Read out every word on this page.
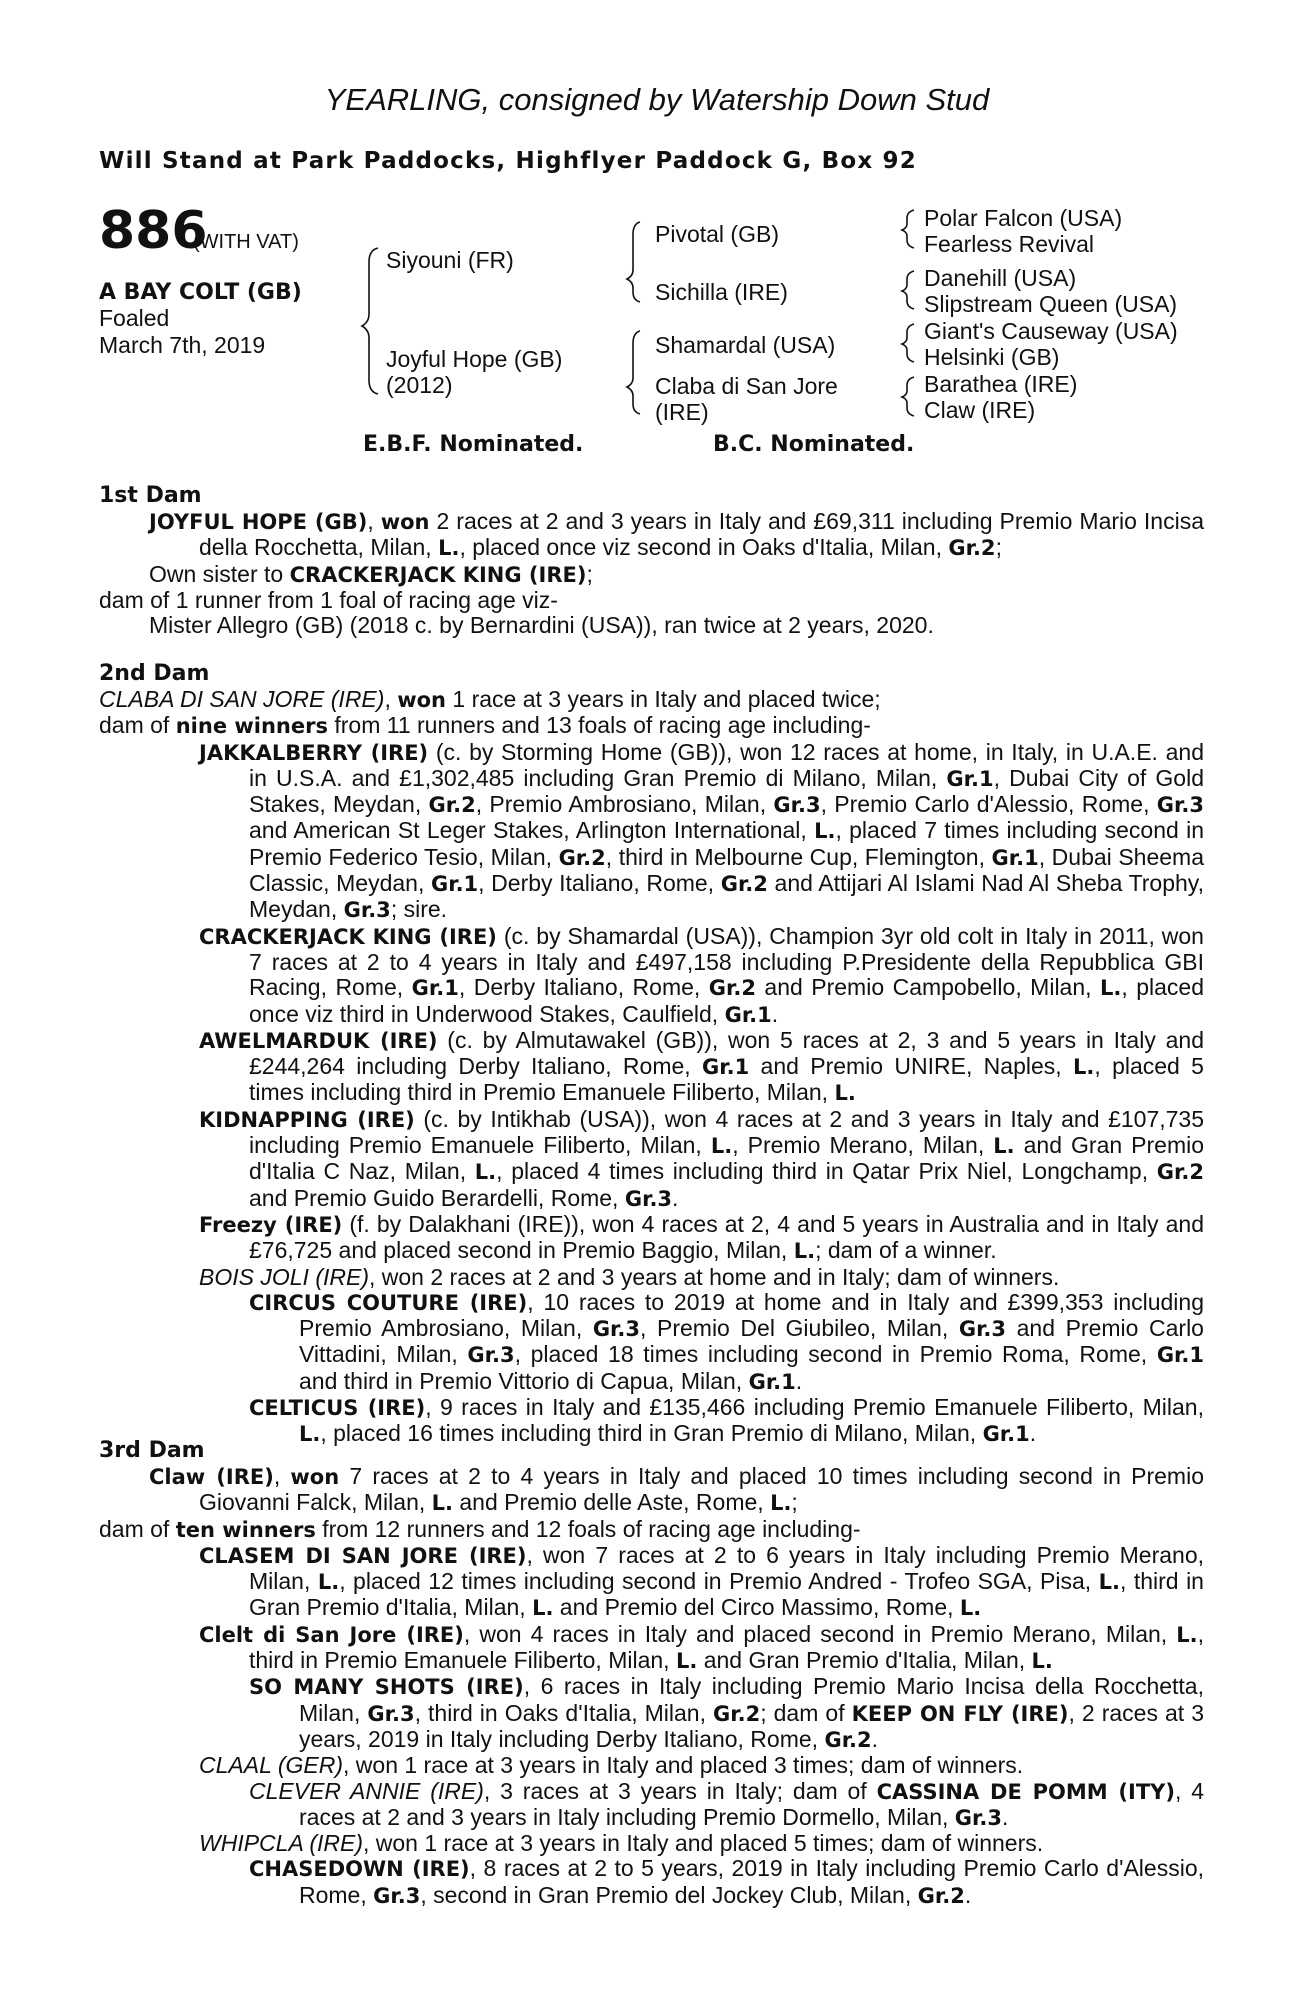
YEARLING, consigned by Watership Down Stud
Will Stand at Park Paddocks, Highflyer Paddock G, Box 92
886
(WITH VAT)
A BAY COLT (GB)
Foaled
March 7th, 2019
Siyouni (FR)
Joyful Hope (GB)
(2012)
Pivotal (GB)
Sichilla (IRE)
Shamardal (USA)
Claba di San Jore
(IRE)
Polar Falcon (USA)
Fearless Revival
Danehill (USA)
Slipstream Queen (USA)
Giant's Causeway (USA)
Helsinki (GB)
Barathea (IRE)
Claw (IRE)
E.B.F. Nominated.	B.C. Nominated.
1st Dam

JOYFUL HOPE (GB), won 2 races at 2 and 3 years in Italy and £69,311 including Premio Mario Incisa della Rocchetta, Milan, L., placed once viz second in Oaks d'Italia, Milan, Gr.2;

Own sister to CRACKERJACK KING (IRE);

dam of 1 runner from 1 foal of racing age viz-

Mister Allegro (GB) (2018 c. by Bernardini (USA)), ran twice at 2 years, 2020.

2nd Dam

CLABA DI SAN JORE (IRE), won 1 race at 3 years in Italy and placed twice;

dam of nine winners from 11 runners and 13 foals of racing age including-

JAKKALBERRY (IRE) (c. by Storming Home (GB)), won 12 races at home, in Italy, in U.A.E. and in U.S.A. and £1,302,485 including Gran Premio di Milano, Milan, Gr.1, Dubai City of Gold Stakes, Meydan, Gr.2, Premio Ambrosiano, Milan, Gr.3, Premio Carlo d'Alessio, Rome, Gr.3 and American St Leger Stakes, Arlington International, L., placed 7 times including second in Premio Federico Tesio, Milan, Gr.2, third in Melbourne Cup, Flemington, Gr.1, Dubai Sheema Classic, Meydan, Gr.1, Derby Italiano, Rome, Gr.2 and Attijari Al Islami Nad Al Sheba Trophy, Meydan, Gr.3; sire.

CRACKERJACK KING (IRE) (c. by Shamardal (USA)), Champion 3yr old colt in Italy in 2011, won 7 races at 2 to 4 years in Italy and £497,158 including P.Presidente della Repubblica GBI Racing, Rome, Gr.1, Derby Italiano, Rome, Gr.2 and Premio Campobello, Milan, L., placed once viz third in Underwood Stakes, Caulfield, Gr.1.

AWELMARDUK (IRE) (c. by Almutawakel (GB)), won 5 races at 2, 3 and 5 years in Italy and £244,264 including Derby Italiano, Rome, Gr.1 and Premio UNIRE, Naples, L., placed 5 times including third in Premio Emanuele Filiberto, Milan, L.

KIDNAPPING (IRE) (c. by Intikhab (USA)), won 4 races at 2 and 3 years in Italy and £107,735 including Premio Emanuele Filiberto, Milan, L., Premio Merano, Milan, L. and Gran Premio d'Italia C Naz, Milan, L., placed 4 times including third in Qatar Prix Niel, Longchamp, Gr.2 and Premio Guido Berardelli, Rome, Gr.3.

Freezy (IRE) (f. by Dalakhani (IRE)), won 4 races at 2, 4 and 5 years in Australia and in Italy and £76,725 and placed second in Premio Baggio, Milan, L.; dam of a winner.

BOIS JOLI (IRE), won 2 races at 2 and 3 years at home and in Italy; dam of winners.

CIRCUS COUTURE (IRE), 10 races to 2019 at home and in Italy and £399,353 including Premio Ambrosiano, Milan, Gr.3, Premio Del Giubileo, Milan, Gr.3 and Premio Carlo Vittadini, Milan, Gr.3, placed 18 times including second in Premio Roma, Rome, Gr.1 and third in Premio Vittorio di Capua, Milan, Gr.1.

CELTICUS (IRE), 9 races in Italy and £135,466 including Premio Emanuele Filiberto, Milan, L., placed 16 times including third in Gran Premio di Milano, Milan, Gr.1.

3rd Dam

Claw (IRE), won 7 races at 2 to 4 years in Italy and placed 10 times including second in Premio Giovanni Falck, Milan, L. and Premio delle Aste, Rome, L.;

dam of ten winners from 12 runners and 12 foals of racing age including-

CLASEM DI SAN JORE (IRE), won 7 races at 2 to 6 years in Italy including Premio Merano, Milan, L., placed 12 times including second in Premio Andred - Trofeo SGA, Pisa, L., third in Gran Premio d'Italia, Milan, L. and Premio del Circo Massimo, Rome, L.

Clelt di San Jore (IRE), won 4 races in Italy and placed second in Premio Merano, Milan, L., third in Premio Emanuele Filiberto, Milan, L. and Gran Premio d'Italia, Milan, L.

SO MANY SHOTS (IRE), 6 races in Italy including Premio Mario Incisa della Rocchetta, Milan, Gr.3, third in Oaks d'Italia, Milan, Gr.2; dam of KEEP ON FLY (IRE), 2 races at 3 years, 2019 in Italy including Derby Italiano, Rome, Gr.2.

CLAAL (GER), won 1 race at 3 years in Italy and placed 3 times; dam of winners.

CLEVER ANNIE (IRE), 3 races at 3 years in Italy; dam of CASSINA DE POMM (ITY), 4 races at 2 and 3 years in Italy including Premio Dormello, Milan, Gr.3.

WHIPCLA (IRE), won 1 race at 3 years in Italy and placed 5 times; dam of winners.

CHASEDOWN (IRE), 8 races at 2 to 5 years, 2019 in Italy including Premio Carlo d'Alessio, Rome, Gr.3, second in Gran Premio del Jockey Club, Milan, Gr.2.
